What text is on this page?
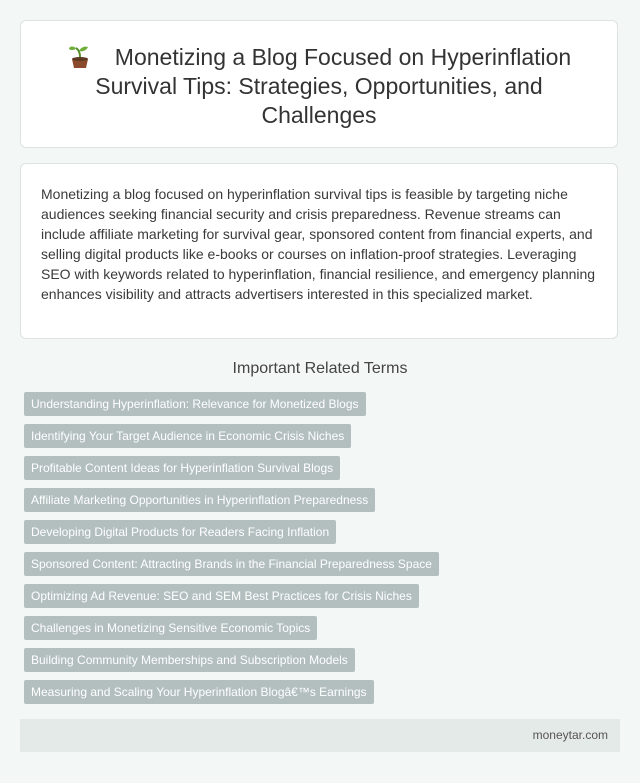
Monetizing a Blog Focused on Hyperinflation Survival Tips: Strategies, Opportunities, and Challenges

Monetizing a blog focused on hyperinflation survival tips is feasible by targeting niche audiences seeking financial security and crisis preparedness. Revenue streams can include affiliate marketing for survival gear, sponsored content from financial experts, and selling digital products like e-books or courses on inflation-proof strategies. Leveraging SEO with keywords related to hyperinflation, financial resilience, and emergency planning enhances visibility and attracts advertisers interested in this specialized market.

Important Related Terms
Understanding Hyperinflation: Relevance for Monetized Blogs
Identifying Your Target Audience in Economic Crisis Niches
Profitable Content Ideas for Hyperinflation Survival Blogs
Affiliate Marketing Opportunities in Hyperinflation Preparedness
Developing Digital Products for Readers Facing Inflation
Sponsored Content: Attracting Brands in the Financial Preparedness Space
Optimizing Ad Revenue: SEO and SEM Best Practices for Crisis Niches
Challenges in Monetizing Sensitive Economic Topics
Building Community Memberships and Subscription Models
Measuring and Scaling Your Hyperinflation Blogâ€™s Earnings
moneytar.com
